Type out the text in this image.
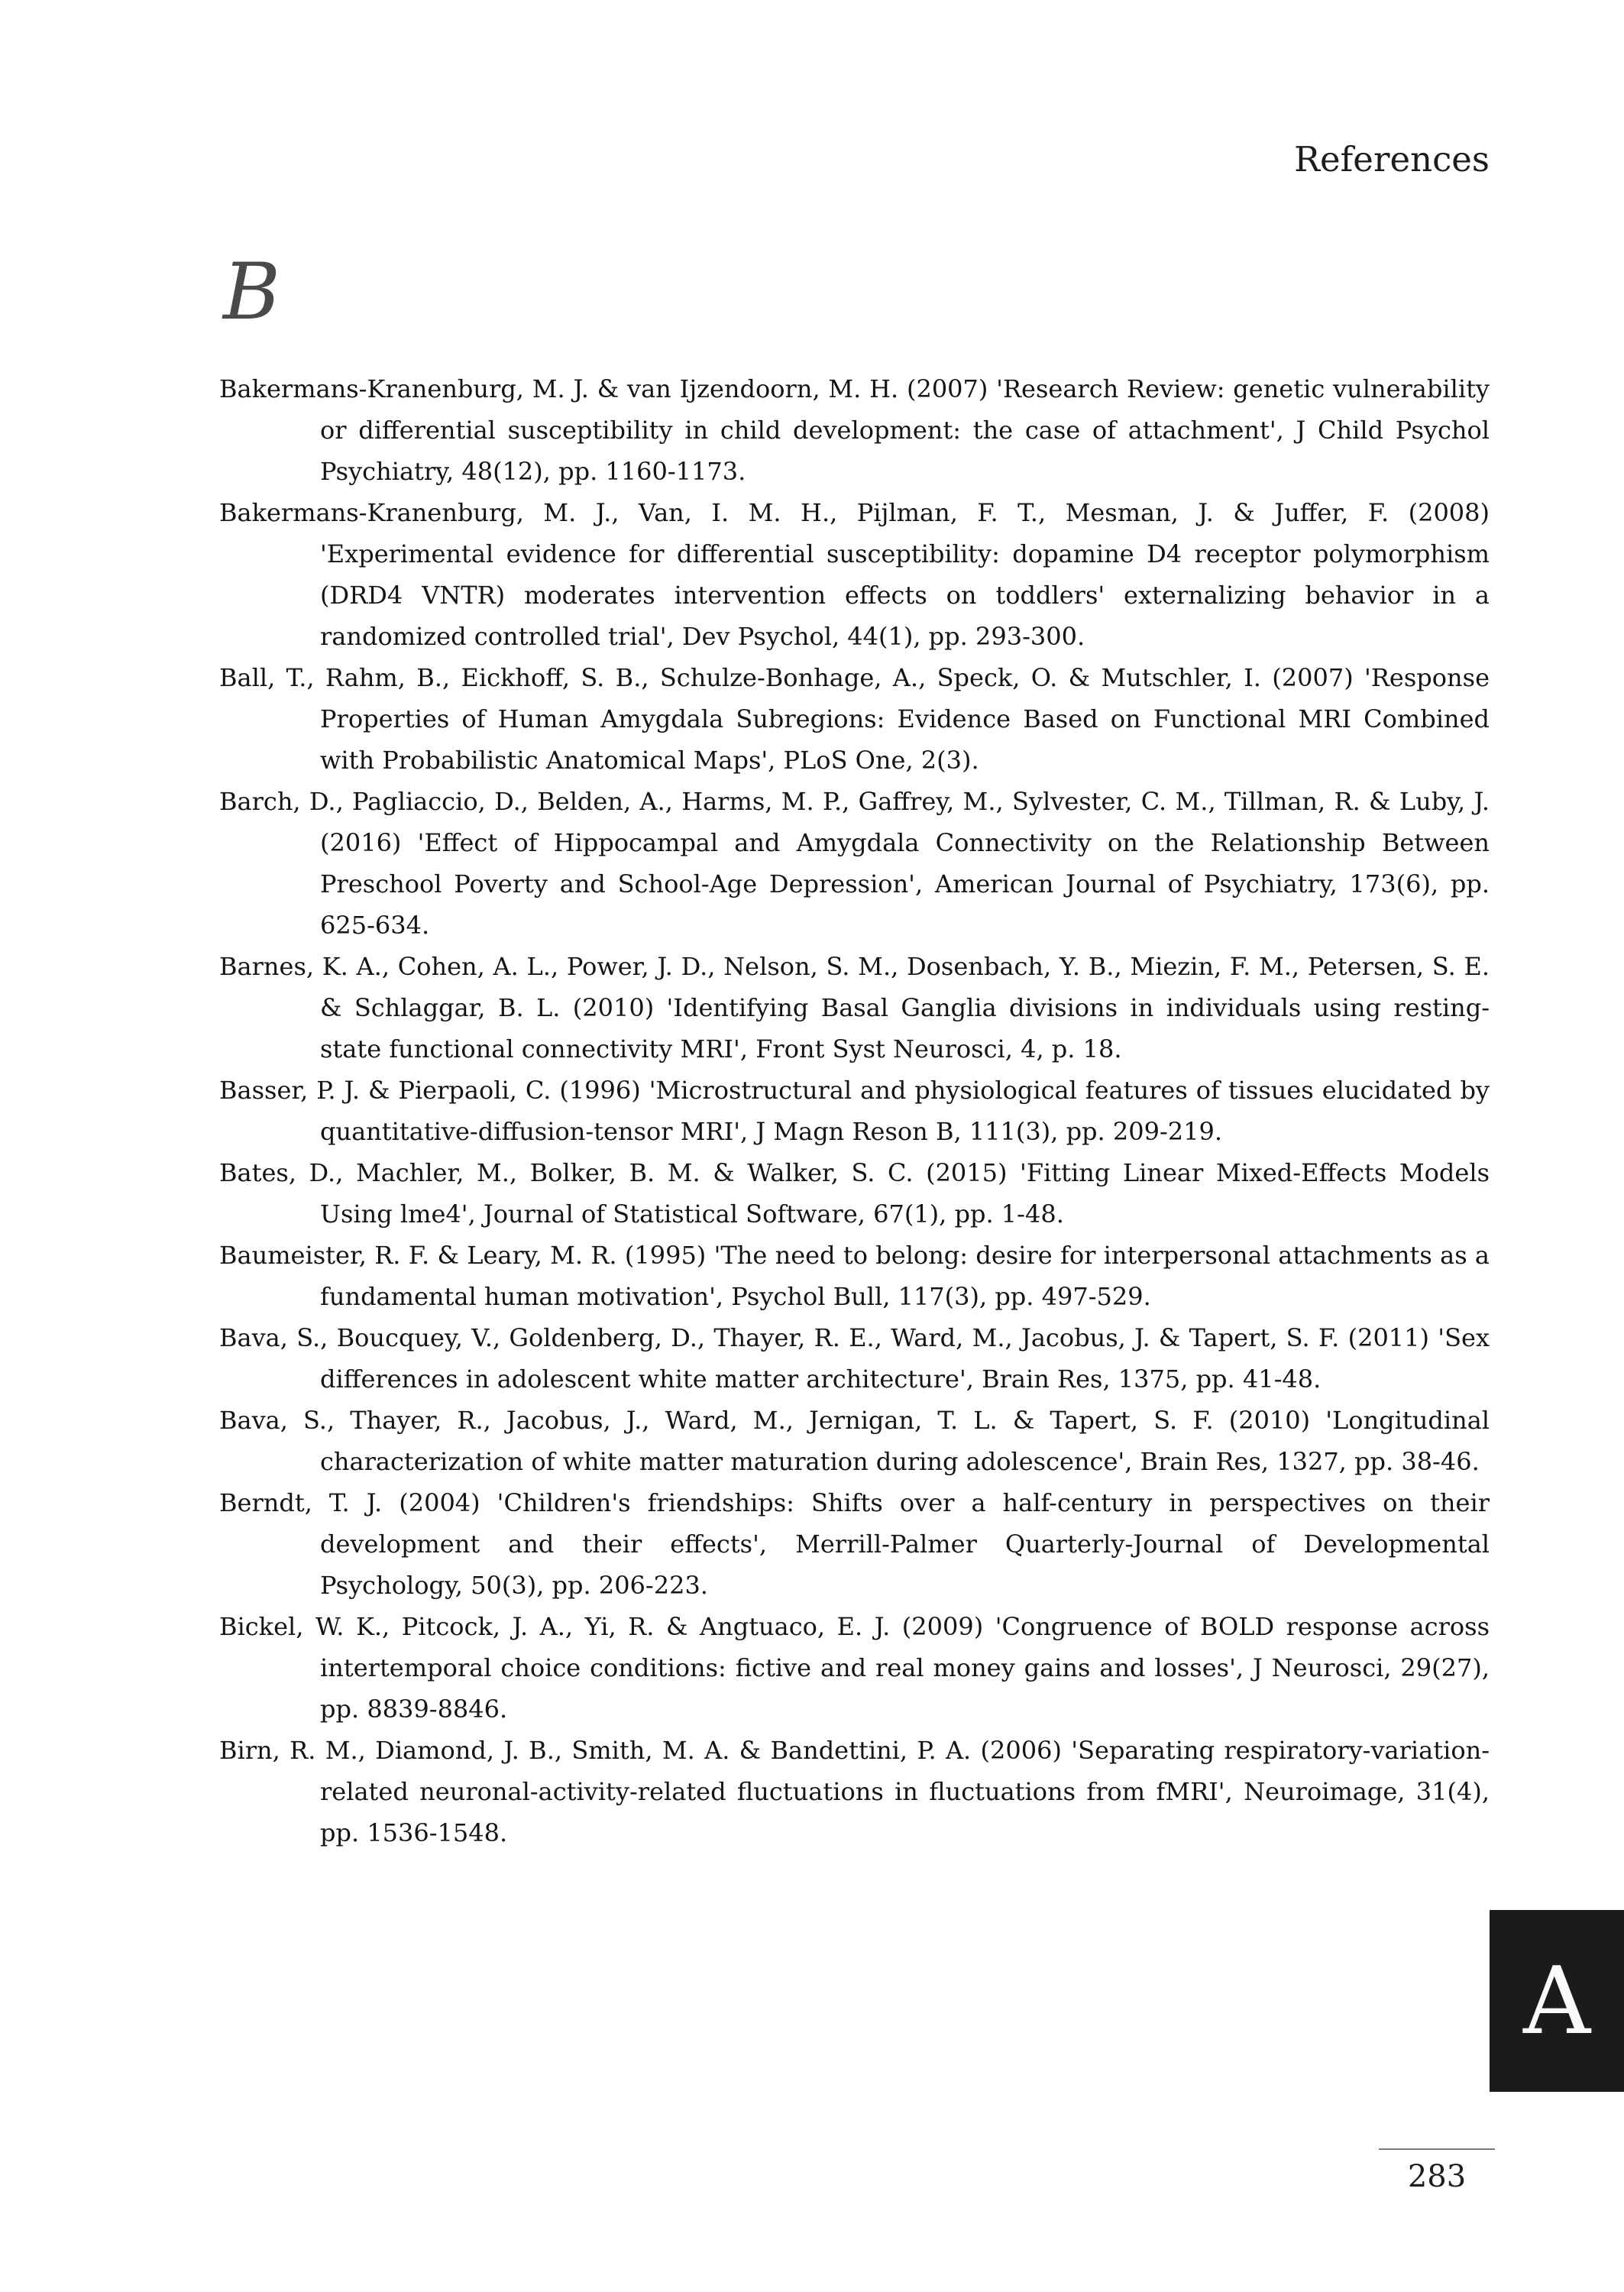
References
B

Bakermans-Kranenburg, M. J. & van Ijzendoorn, M. H. (2007) 'Research Review: genetic vulnerability or differential susceptibility in child development: the case of attachment', J Child Psychol Psychiatry, 48(12), pp. 1160-1173.

Bakermans-Kranenburg, M. J., Van, I. M. H., Pijlman, F. T., Mesman, J. & Juffer, F. (2008) 'Experimental evidence for differential susceptibility: dopamine D4 receptor polymorphism (DRD4 VNTR) moderates intervention effects on toddlers' externalizing behavior in a randomized controlled trial', Dev Psychol, 44(1), pp. 293-300.

Ball, T., Rahm, B., Eickhoff, S. B., Schulze-Bonhage, A., Speck, O. & Mutschler, I. (2007) 'Response Properties of Human Amygdala Subregions: Evidence Based on Functional MRI Combined with Probabilistic Anatomical Maps', PLoS One, 2(3).

Barch, D., Pagliaccio, D., Belden, A., Harms, M. P., Gaffrey, M., Sylvester, C. M., Tillman, R. & Luby, J. (2016) 'Effect of Hippocampal and Amygdala Connectivity on the Relationship Between Preschool Poverty and School-Age Depression', American Journal of Psychiatry, 173(6), pp. 625-634.

Barnes, K. A., Cohen, A. L., Power, J. D., Nelson, S. M., Dosenbach, Y. B., Miezin, F. M., Petersen, S. E. & Schlaggar, B. L. (2010) 'Identifying Basal Ganglia divisions in individuals using resting-state functional connectivity MRI', Front Syst Neurosci, 4, p. 18.

Basser, P. J. & Pierpaoli, C. (1996) 'Microstructural and physiological features of tissues elucidated by quantitative-diffusion-tensor MRI', J Magn Reson B, 111(3), pp. 209-219.

Bates, D., Machler, M., Bolker, B. M. & Walker, S. C. (2015) 'Fitting Linear Mixed-Effects Models Using lme4', Journal of Statistical Software, 67(1), pp. 1-48.

Baumeister, R. F. & Leary, M. R. (1995) 'The need to belong: desire for interpersonal attachments as a fundamental human motivation', Psychol Bull, 117(3), pp. 497-529.

Bava, S., Boucquey, V., Goldenberg, D., Thayer, R. E., Ward, M., Jacobus, J. & Tapert, S. F. (2011) 'Sex differences in adolescent white matter architecture', Brain Res, 1375, pp. 41-48.

Bava, S., Thayer, R., Jacobus, J., Ward, M., Jernigan, T. L. & Tapert, S. F. (2010) 'Longitudinal characterization of white matter maturation during adolescence', Brain Res, 1327, pp. 38-46.

Berndt, T. J. (2004) 'Children's friendships: Shifts over a half-century in perspectives on their development and their effects', Merrill-Palmer Quarterly-Journal of Developmental Psychology, 50(3), pp. 206-223.

Bickel, W. K., Pitcock, J. A., Yi, R. & Angtuaco, E. J. (2009) 'Congruence of BOLD response across intertemporal choice conditions: fictive and real money gains and losses', J Neurosci, 29(27), pp. 8839-8846.

Birn, R. M., Diamond, J. B., Smith, M. A. & Bandettini, P. A. (2006) 'Separating respiratory-variation-related neuronal-activity-related fluctuations in fluctuations from fMRI', Neuroimage, 31(4), pp. 1536-1548.

A
283
